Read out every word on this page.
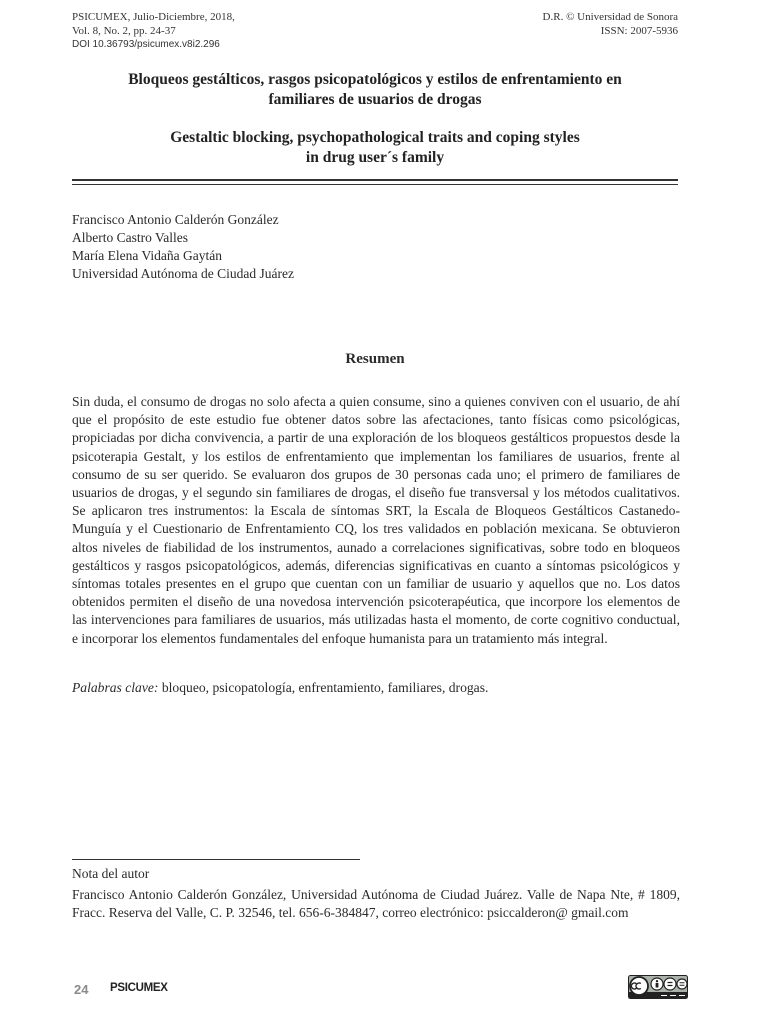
PSICUMEX, Julio-Diciembre, 2018,
Vol. 8, No. 2, pp. 24-37
DOI 10.36793/psicumex.v8i2.296
D.R. © Universidad de Sonora
ISSN: 2007-5936

Bloqueos gestálticos, rasgos psicopatológicos y estilos de enfrentamiento en
familiares de usuarios de drogas

Gestaltic blocking, psychopathological traits and coping styles
in drug user´s family

Francisco Antonio Calderón González
Alberto Castro Valles
María Elena Vidaña Gaytán
Universidad Autónoma de Ciudad Juárez
Resumen

Sin duda, el consumo de drogas no solo afecta a quien consume, sino a quienes conviven con el usuario, de ahí que el propósito de este estudio fue obtener datos sobre las afectaciones, tanto físicas como psicológicas, propiciadas por dicha convivencia, a partir de una exploración de los bloqueos gestálticos propuestos desde la psicoterapia Gestalt, y los estilos de enfrentamiento que implementan los familiares de usuarios, frente al consumo de su ser querido. Se evaluaron dos grupos de 30 personas cada uno; el primero de familiares de usuarios de drogas, y el segundo sin familiares de drogas, el diseño fue transversal y los métodos cualitativos. Se aplicaron tres instrumentos: la Escala de síntomas SRT, la Escala de Bloqueos Gestálticos Castanedo-Munguía y el Cuestionario de Enfrentamiento CQ, los tres validados en población mexicana. Se obtuvieron altos niveles de fiabilidad de los instrumentos, aunado a correlaciones significativas, sobre todo en bloqueos gestálticos y rasgos psicopatológicos, además, diferencias significativas en cuanto a síntomas psicológicos y síntomas totales presentes en el grupo que cuentan con un familiar de usuario y aquellos que no. Los datos obtenidos permiten el diseño de una novedosa intervención psicoterapéutica, que incorpore los elementos de las intervenciones para familiares de usuarios, más utilizadas hasta el momento, de corte cognitivo conductual, e incorporar los elementos fundamentales del enfoque humanista para un tratamiento más integral.

Palabras clave: bloqueo, psicopatología, enfrentamiento, familiares, drogas.

Nota del autor

Francisco Antonio Calderón González, Universidad Autónoma de Ciudad Juárez. Valle de Napa Nte, # 1809, Fracc. Reserva del Valle, C. P. 32546, tel. 656-6-384847, correo electrónico: psiccalderon@ gmail.com

24 PSICUMEX
